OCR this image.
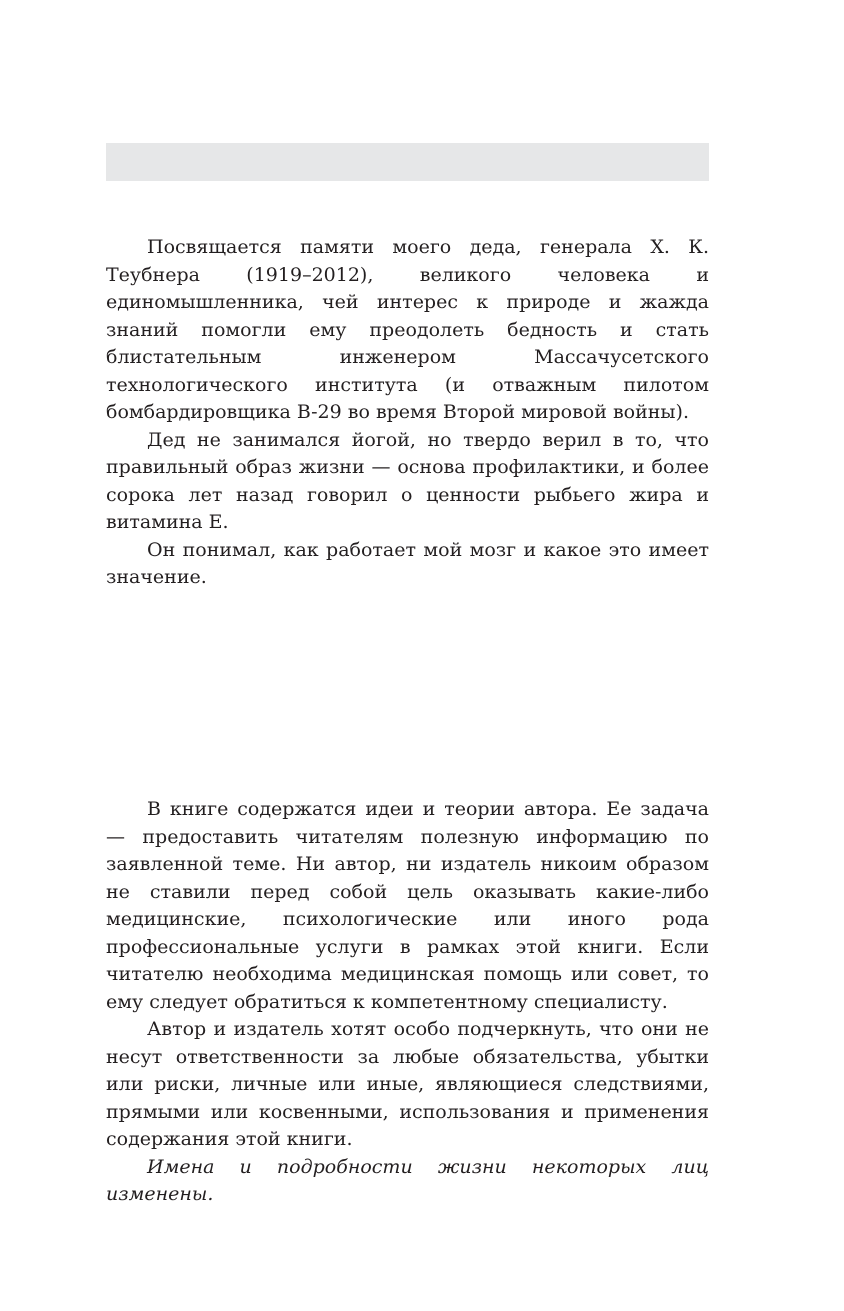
Посвящается памяти моего деда, генерала Х. К. Теубнера (1919–2012), великого человека и единомышленника, чей интерес к природе и жажда знаний помогли ему преодолеть бедность и стать блистательным инженером Массачусетского технологического института (и отважным пилотом бомбардировщика B-29 во время Второй мировой войны).

Дед не занимался йогой, но твердо верил в то, что правильный образ жизни — основа профилактики, и более сорока лет назад говорил о ценности рыбьего жира и витамина E.

Он понимал, как работает мой мозг и какое это имеет значение.

В книге содержатся идеи и теории автора. Ее задача — предоставить читателям полезную информацию по заявленной теме. Ни автор, ни издатель никоим образом не ставили перед собой цель оказывать какие-либо медицинские, психологические или иного рода профессиональные услуги в рамках этой книги. Если читателю необходима медицинская помощь или совет, то ему следует обратиться к компетентному специалисту.

Автор и издатель хотят особо подчеркнуть, что они не несут ответственности за любые обязательства, убытки или риски, личные или иные, являющиеся следствиями, прямыми или косвенными, использования и применения содержания этой книги.

Имена и подробности жизни некоторых лиц изменены.
